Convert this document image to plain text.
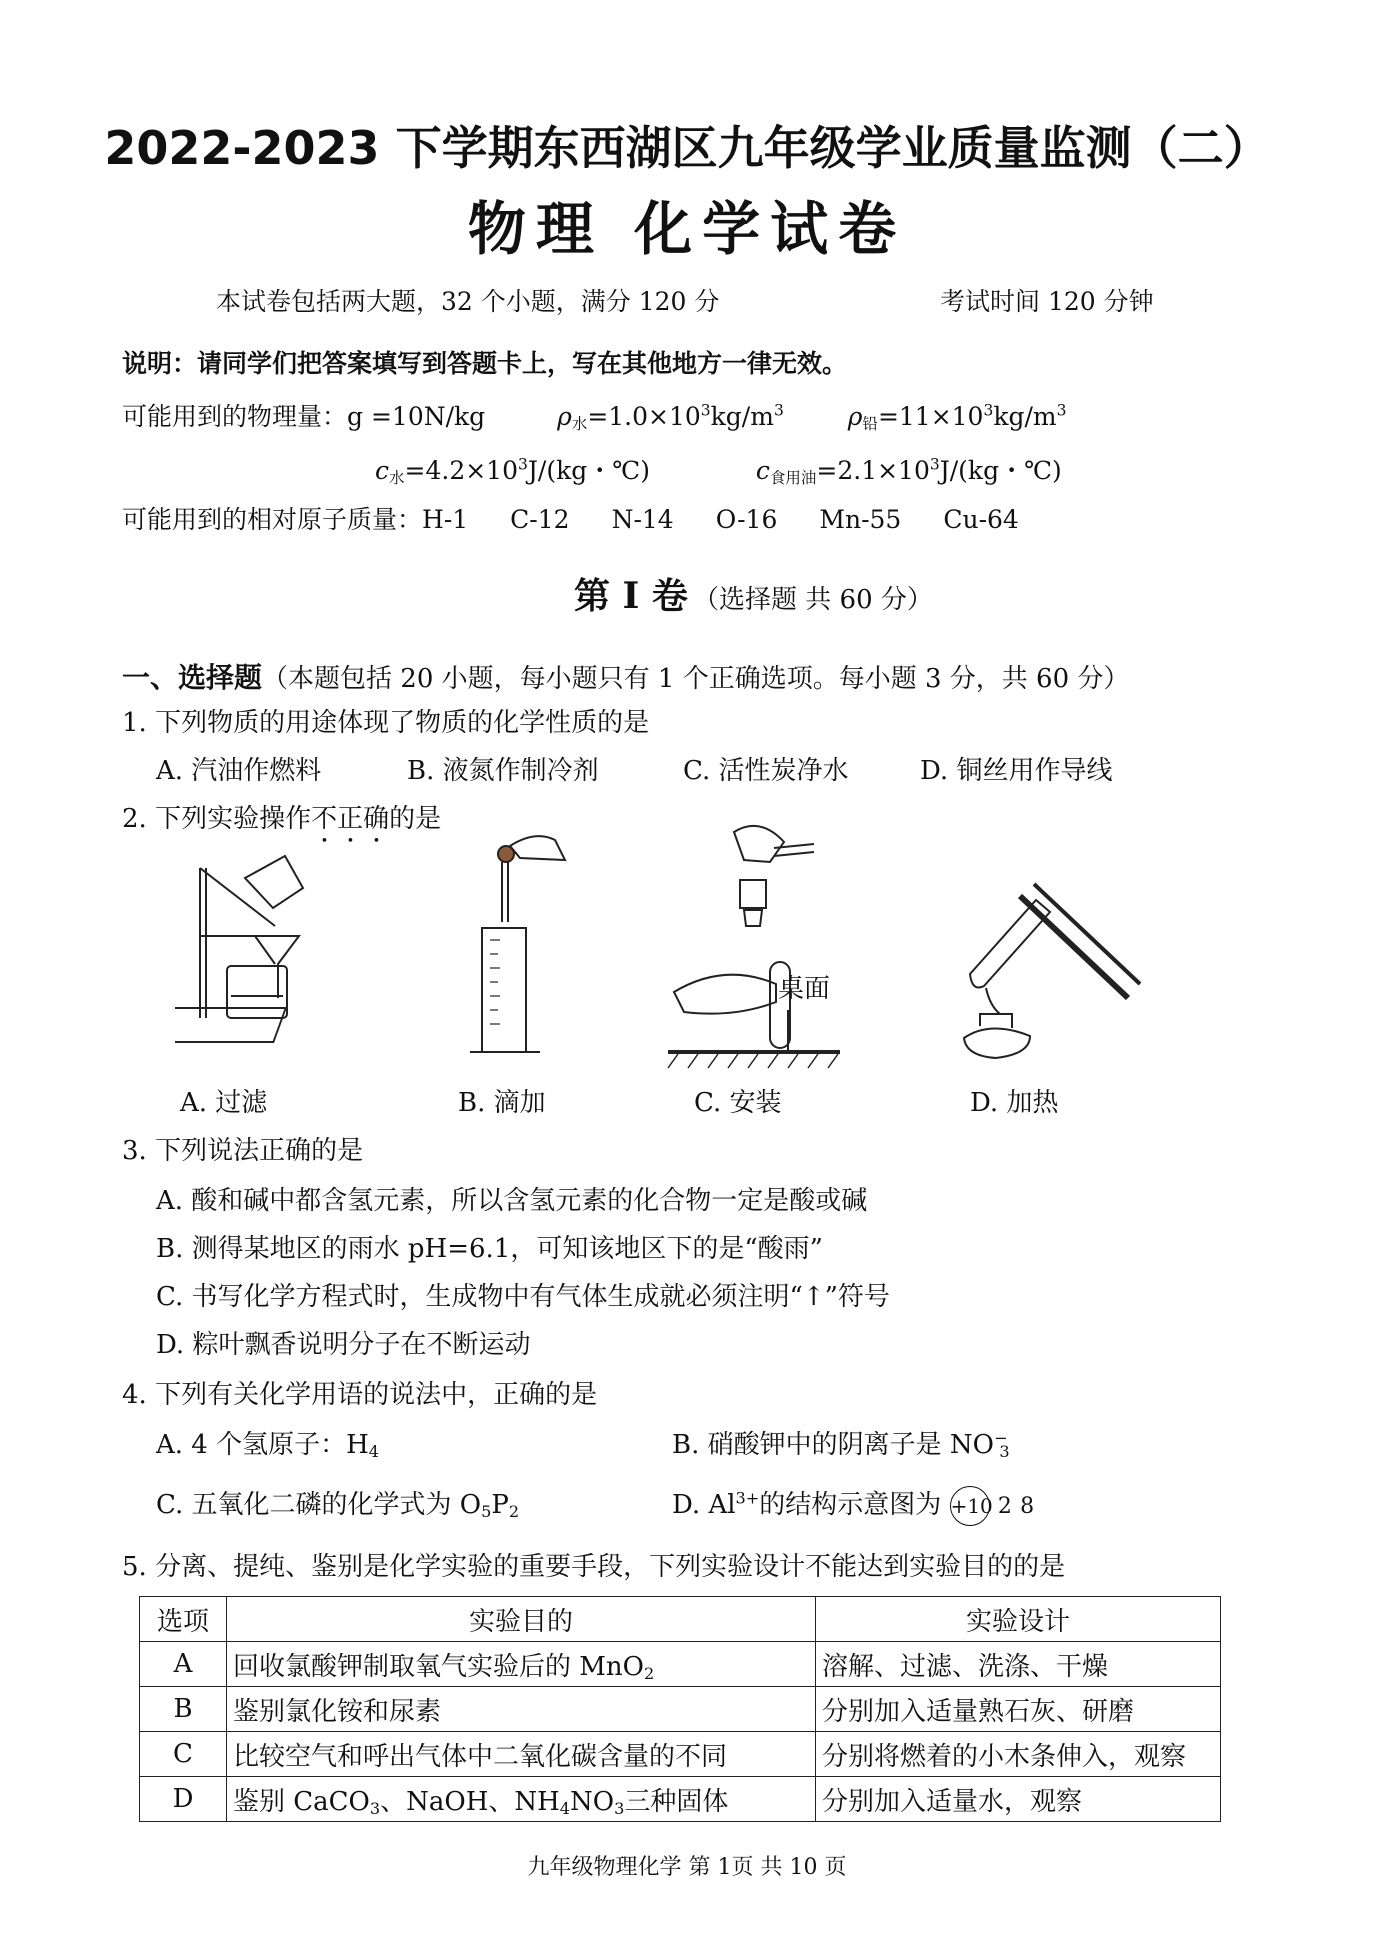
2022-2023 下学期东西湖区九年级学业质量监测（二）
物理 化学试卷
本试卷包括两大题，32 个小题，满分 120 分	考试时间 120 分钟
说明：请同学们把答案填写到答题卡上，写在其他地方一律无效。
可能用到的物理量：g =10N/kg	$\rho_水=1.0\times 10^3kg/m^3$	$\rho_铅=11\times 10^3kg/m^3$
$c_水=4.2\times 10^3J/(kg$・℃)	$c_{食用油}=2.1\times 10^3J/(kg$・℃)
可能用到的相对原子质量：H-1 C-12 N-14 O-16 Mn-55 Cu-64
第 I 卷 （选择题 共 60 分）
一、选择题（本题包括 20 小题，每小题只有 1 个正确选项。每小题 3 分，共 60 分）
1. 下列物质的用途体现了物质的化学性质的是
A. 汽油作燃料	B. 液氮作制冷剂	C. 活性炭净水	D. 铜丝用作导线
2. 下列实验操作不正确的是
桌面
A. 过滤	B. 滴加	C. 安装	D. 加热
3. 下列说法正确的是
A. 酸和碱中都含氢元素，所以含氢元素的化合物一定是酸或碱
B. 测得某地区的雨水 pH=6.1，可知该地区下的是“酸雨”
C. 书写化学方程式时，生成物中有气体生成就必须注明“↑”符号
D. 粽叶飘香说明分子在不断运动
4. 下列有关化学用语的说法中，正确的是
A. 4 个氢原子：$H_4$	B. 硝酸钾中的阴离子是 $NO^-_3$
C. 五氧化二磷的化学式为 $O_5P_2$	D. $Al^{3+}$的结构示意图为 +10 2 8
5. 分离、提纯、鉴别是化学实验的重要手段，下列实验设计不能达到实验目的的是
选项	实验目的	实验设计
A	回收氯酸钾制取氧气实验后的 MnO$_2$	溶解、过滤、洗涤、干燥
B	鉴别氯化铵和尿素	分别加入适量熟石灰、研磨
C	比较空气和呼出气体中二氧化碳含量的不同	分别将燃着的小木条伸入，观察
D	鉴别 CaCO$_3$、NaOH、$NH_4NO_3$三种固体	分别加入适量水，观察
九年级物理化学 第 1页 共 10 页
